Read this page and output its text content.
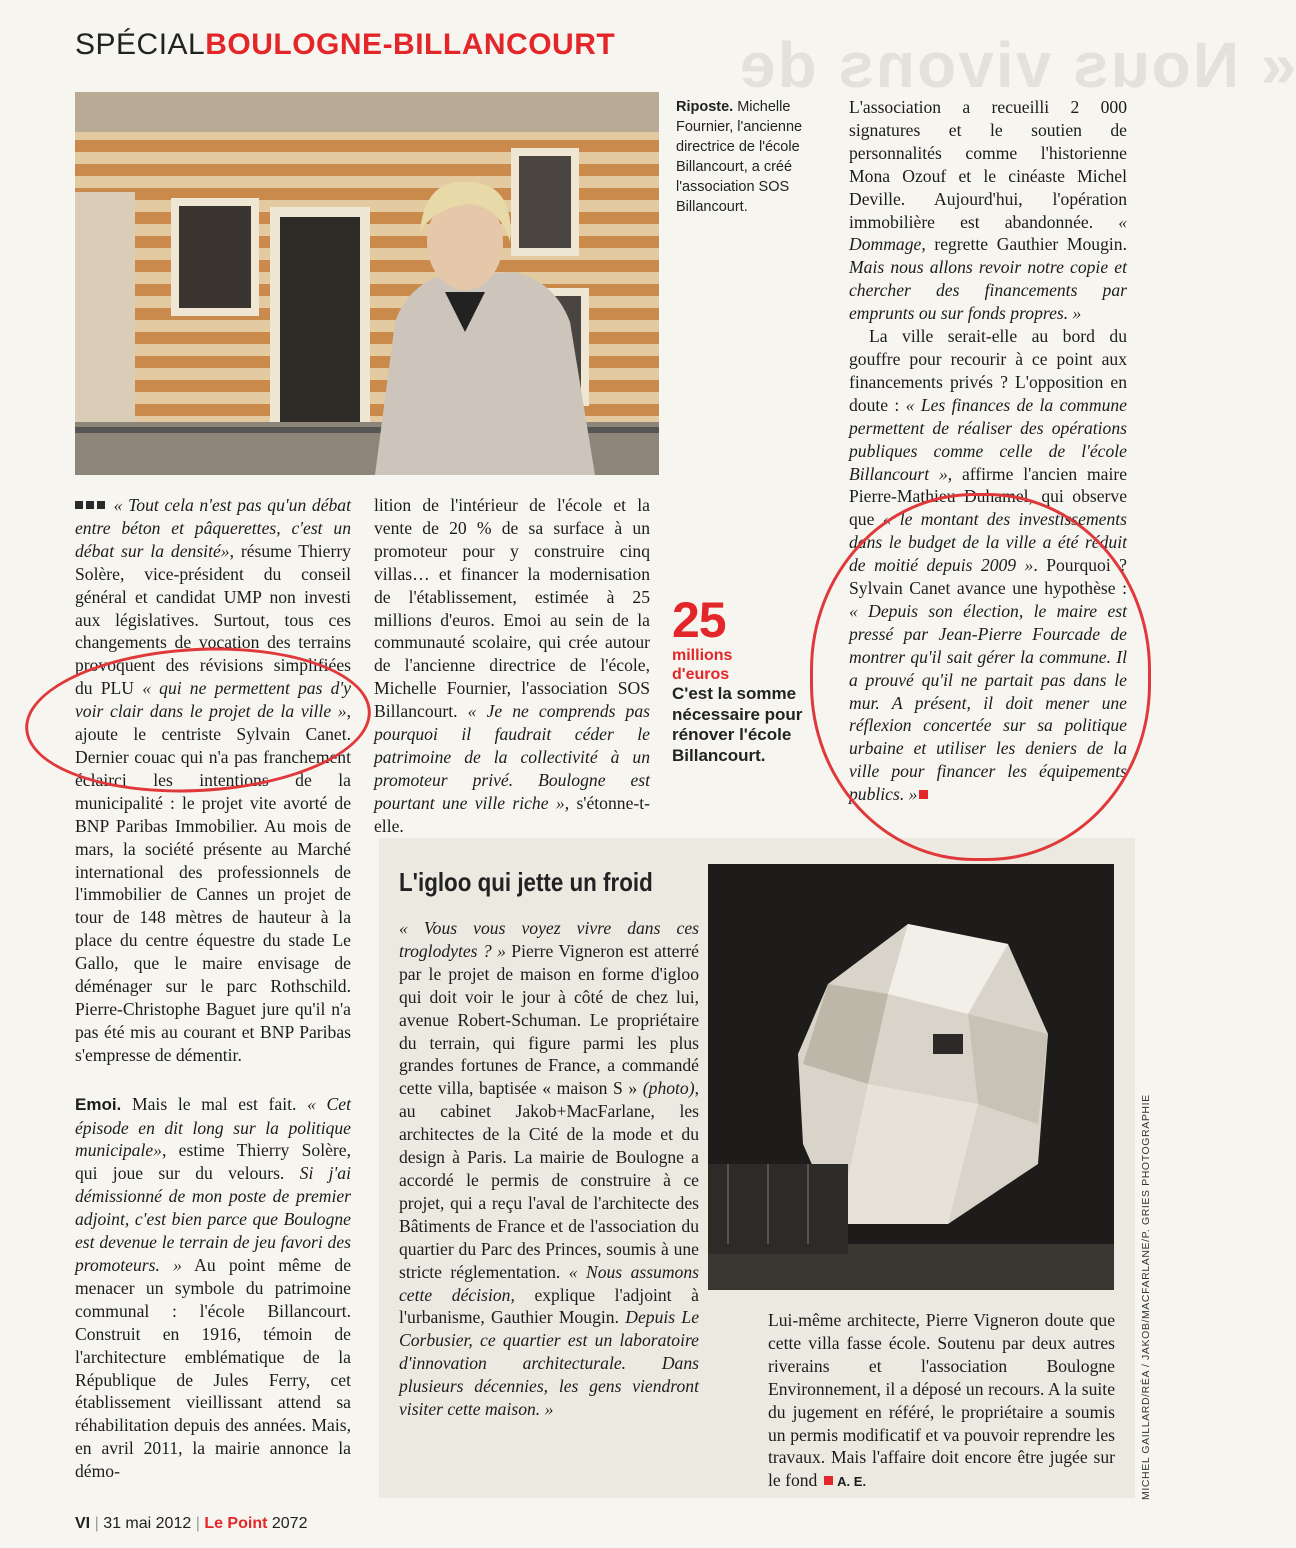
« Nous vivons de
SPÉCIALBOULOGNE-BILLANCOURT
Riposte. Michelle Fournier, l'ancienne directrice de l'école Billancourt, a créé l'association SOS Billancourt.

L'association a recueilli 2 000 signatures et le soutien de personnalités comme l'historienne Mona Ozouf et le cinéaste Michel Deville. Aujourd'hui, l'opération immobilière est abandonnée. « Dommage, regrette Gauthier Mougin. Mais nous allons revoir notre copie et chercher des financements par emprunts ou sur fonds propres. »

La ville serait-elle au bord du gouffre pour recourir à ce point aux financements privés ? L'opposition en doute : « Les finances de la commune permettent de réaliser des opérations publiques comme celle de l'école Billancourt », affirme l'ancien maire Pierre-Mathieu Duhamel, qui observe que « le montant des investissements dans le budget de la ville a été réduit de moitié depuis 2009 ». Pourquoi ? Sylvain Canet avance une hypothèse : « Depuis son élection, le maire est pressé par Jean-Pierre Fourcade de montrer qu'il sait gérer la commune. Il a prouvé qu'il ne partait pas dans le mur. A présent, il doit mener une réflexion concertée sur sa politique urbaine et utiliser les deniers de la ville pour financer les équipements publics. »

« Tout cela n'est pas qu'un débat entre béton et pâquerettes, c'est un débat sur la densité», résume Thierry Solère, vice-président du conseil général et candidat UMP non investi aux législatives. Surtout, tous ces changements de vocation des terrains provoquent des révisions simplifiées du PLU « qui ne permettent pas d'y voir clair dans le projet de la ville », ajoute le centriste Sylvain Canet. Dernier couac qui n'a pas franchement éclairci les intentions de la municipalité : le projet vite avorté de BNP Paribas Immobilier. Au mois de mars, la société présente au Marché international des professionnels de l'immobilier de Cannes un projet de tour de 148 mètres de hauteur à la place du centre équestre du stade Le Gallo, que le maire envisage de déménager sur le parc Rothschild. Pierre-Christophe Baguet jure qu'il n'a pas été mis au courant et BNP Paribas s'empresse de démentir.

Emoi. Mais le mal est fait. « Cet épisode en dit long sur la politique municipale», estime Thierry Solère, qui joue sur du velours. Si j'ai démissionné de mon poste de premier adjoint, c'est bien parce que Boulogne est devenue le terrain de jeu favori des promoteurs. » Au point même de menacer un symbole du patrimoine communal : l'école Billancourt. Construit en 1916, témoin de l'architecture emblématique de la République de Jules Ferry, cet établissement vieillissant attend sa réhabilitation depuis des années. Mais, en avril 2011, la mairie annonce la démo-

lition de l'intérieur de l'école et la vente de 20 % de sa surface à un promoteur pour y construire cinq villas… et financer la modernisation de l'établissement, estimée à 25 millions d'euros. Emoi au sein de la communauté scolaire, qui crée autour de l'ancienne directrice de l'école, Michelle Fournier, l'association SOS Billancourt. « Je ne comprends pas pourquoi il faudrait céder le patrimoine de la collectivité à un promoteur privé. Boulogne est pourtant une ville riche », s'étonne-t-elle.

25
millions d'euros
C'est la somme nécessaire pour rénover l'école Billancourt.
L'igloo qui jette un froid

« Vous vous voyez vivre dans ces troglodytes ? » Pierre Vigneron est atterré par le projet de maison en forme d'igloo qui doit voir le jour à côté de chez lui, avenue Robert-Schuman. Le propriétaire du terrain, qui figure parmi les plus grandes fortunes de France, a commandé cette villa, baptisée « maison S » (photo), au cabinet Jakob+MacFarlane, les architectes de la Cité de la mode et du design à Paris. La mairie de Boulogne a accordé le permis de construire à ce projet, qui a reçu l'aval de l'architecte des Bâtiments de France et de l'association du quartier du Parc des Princes, soumis à une stricte réglementation. « Nous assumons cette décision, explique l'adjoint à l'urbanisme, Gauthier Mougin. Depuis Le Corbusier, ce quartier est un laboratoire d'innovation architecturale. Dans plusieurs décennies, les gens viendront visiter cette maison. »

Lui-même architecte, Pierre Vigneron doute que cette villa fasse école. Soutenu par deux autres riverains et l'association Boulogne Environnement, il a déposé un recours. A la suite du jugement en référé, le propriétaire a soumis un permis modificatif et va pouvoir reprendre les travaux. Mais l'affaire doit encore être jugée sur le fond A. E.	MICHEL GAILLARD/RÉA / JAKOB/MACFARLANE/P. GRIES PHOTOGRAPHIE
VI | 31 mai 2012 | Le Point 2072
